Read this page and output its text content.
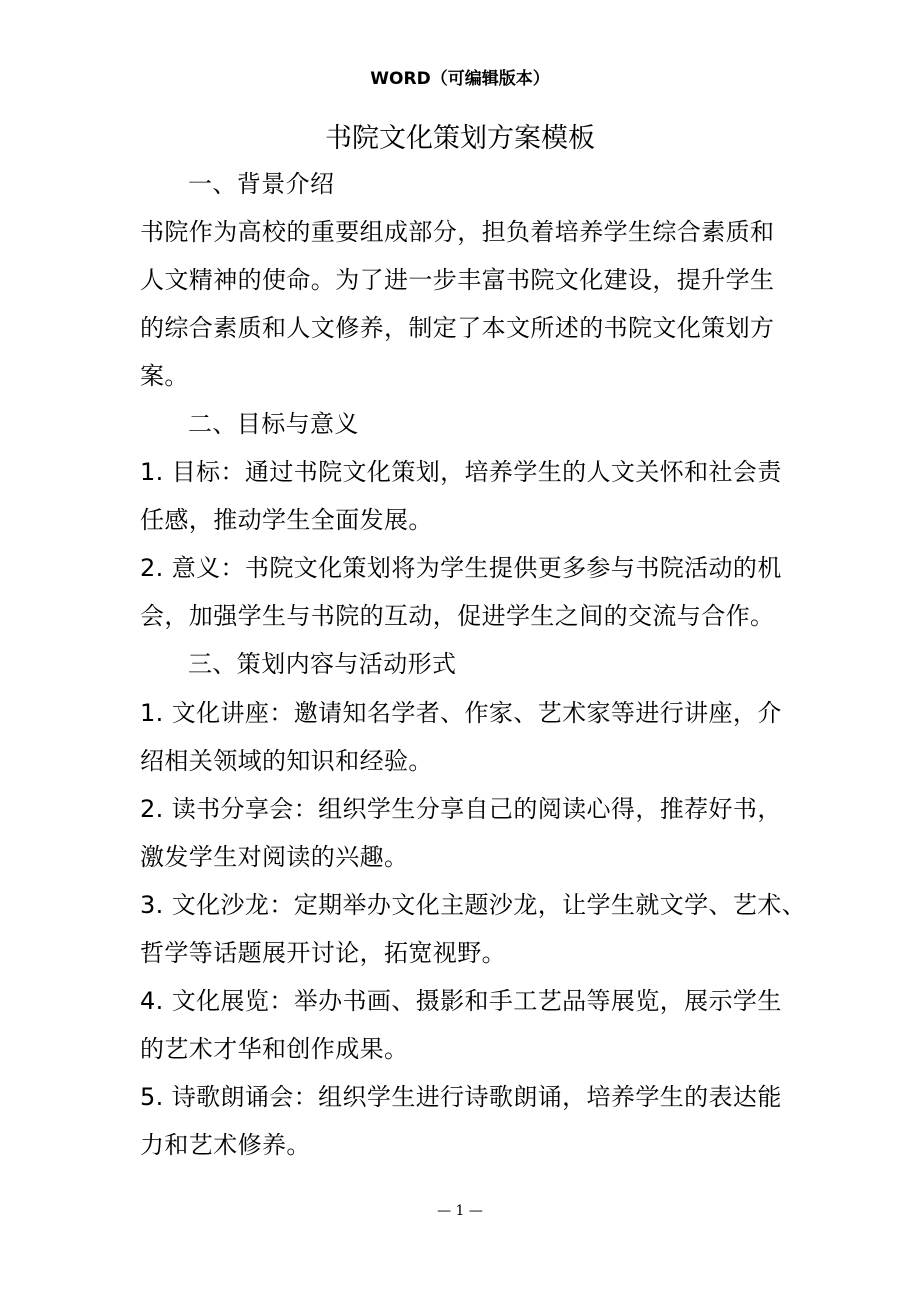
WORD（可编辑版本）
书院文化策划方案模板
一、背景介绍
书院作为高校的重要组成部分，担负着培养学生综合素质和
人文精神的使命。为了进一步丰富书院文化建设，提升学生
的综合素质和人文修养，制定了本文所述的书院文化策划方
案。
二、目标与意义
1. 目标：通过书院文化策划，培养学生的人文关怀和社会责
任感，推动学生全面发展。
2. 意义：书院文化策划将为学生提供更多参与书院活动的机
会，加强学生与书院的互动，促进学生之间的交流与合作。
三、策划内容与活动形式
1. 文化讲座：邀请知名学者、作家、艺术家等进行讲座，介
绍相关领域的知识和经验。
2. 读书分享会：组织学生分享自己的阅读心得，推荐好书，
激发学生对阅读的兴趣。
3. 文化沙龙：定期举办文化主题沙龙，让学生就文学、艺术、
哲学等话题展开讨论，拓宽视野。
4. 文化展览：举办书画、摄影和手工艺品等展览，展示学生
的艺术才华和创作成果。
5. 诗歌朗诵会：组织学生进行诗歌朗诵，培养学生的表达能
力和艺术修养。
— 1 —
